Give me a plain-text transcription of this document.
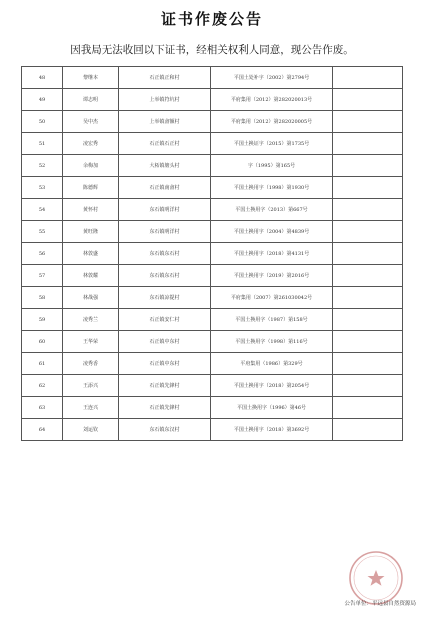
证书作废公告
因我局无法收回以下证书，经相关权利人同意，现公告作废。
48	黎继本	石正镇正和村	平国土处补字（2002）第2794号	
49	谭志明	上举镇符坑村	平府集用（2012）第282020013号	
50	吴中杰	上举镇畲额村	平府集用（2012）第282020005号	
51	凌宏秀	石正镇石正村	平国土换证字（2015）第1735号	
52	余梅加	大柘镇塘头村	字（1995）第165号	
53	陈德辉	石正镇南畲村	平国土换用字（1998）第1930号	
54	黄怀村	东石镇明洋村	平国土换用字（2013）第667号	
55	黄旺隆	东石镇明洋村	平国土换用字（2004）第4839号	
56	林敦盛	东石镇东石村	平国土换用字（2018）第4131号	
57	林敦耀	东石镇东石村	平国土换用字（2019）第2016号	
58	林战强	东石镇凉提村	平府集用（2007）第261030042号	
59	凌秀兰	石正镇安仁村	平国土换用字（1987）第158号	
60	王华荣	石正镇中东村	平国土换用字（1998）第116号	
61	凌秀香	石正镇中东村	平府集用（1986）第329号	
62	王添兴	石正镇先锋村	平国土换用字（2018）第2054号	
63	王连兴	石正镇先锋村	平国土换用字（1996）第46号	
64	刘运钦	东石镇东汉村	平国土换用字（2018）第3692号	
公告单位：平远县自然资源局
